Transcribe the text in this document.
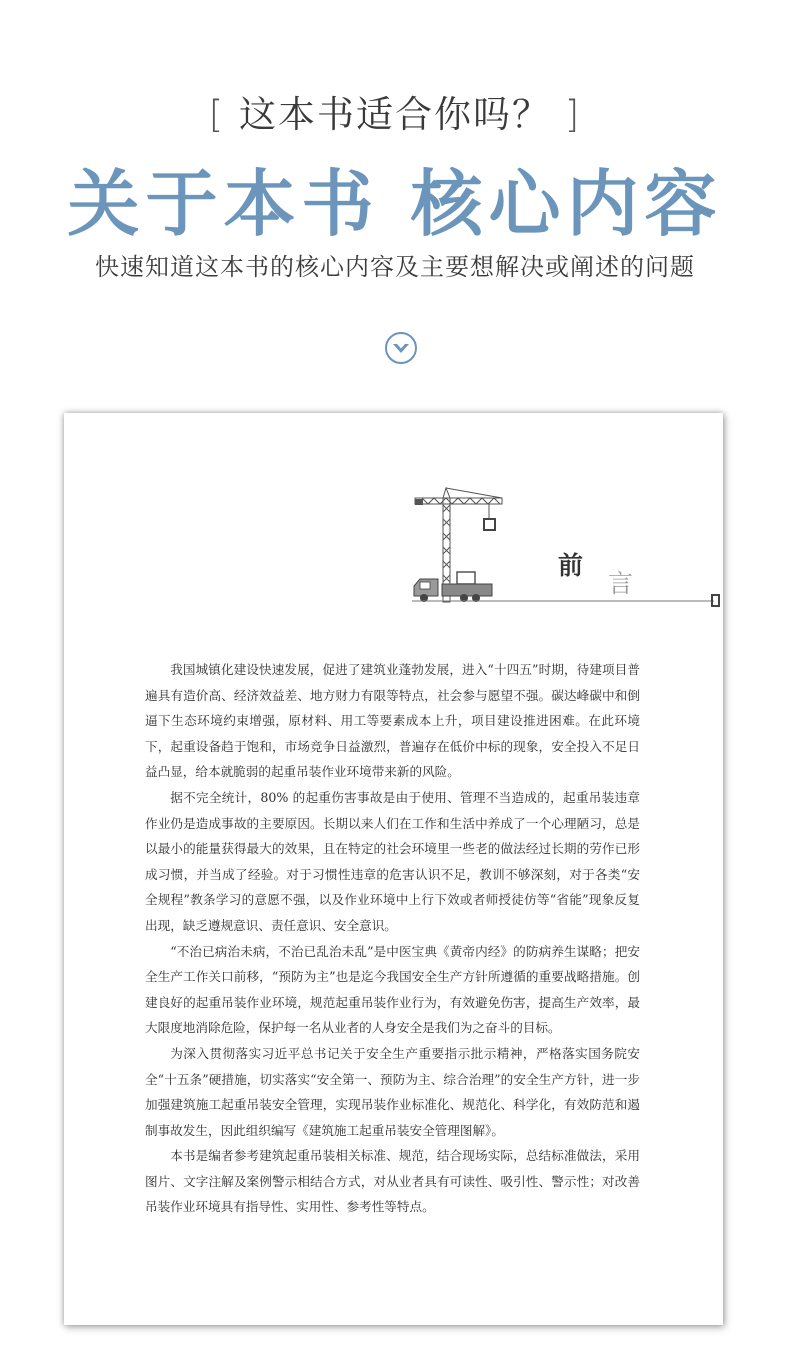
[ 这本书适合你吗？ ]
关于本书 核心内容
快速知道这本书的核心内容及主要想解决或阐述的问题
前
言

我国城镇化建设快速发展，促进了建筑业蓬勃发展，进入“十四五”时期，待建项目普遍具有造价高、经济效益差、地方财力有限等特点，社会参与愿望不强。碳达峰碳中和倒逼下生态环境约束增强，原材料、用工等要素成本上升，项目建设推进困难。在此环境下，起重设备趋于饱和，市场竞争日益激烈，普遍存在低价中标的现象，安全投入不足日益凸显，给本就脆弱的起重吊装作业环境带来新的风险。

据不完全统计，80% 的起重伤害事故是由于使用、管理不当造成的，起重吊装违章作业仍是造成事故的主要原因。长期以来人们在工作和生活中养成了一个心理陋习，总是以最小的能量获得最大的效果，且在特定的社会环境里一些老的做法经过长期的劳作已形成习惯，并当成了经验。对于习惯性违章的危害认识不足，教训不够深刻，对于各类“安全规程”教条学习的意愿不强，以及作业环境中上行下效或者师授徒仿等“省能”现象反复出现，缺乏遵规意识、责任意识、安全意识。

“不治已病治未病，不治已乱治未乱”是中医宝典《黄帝内经》的防病养生谋略；把安全生产工作关口前移，“预防为主”也是迄今我国安全生产方针所遵循的重要战略措施。创建良好的起重吊装作业环境，规范起重吊装作业行为，有效避免伤害，提高生产效率，最大限度地消除危险，保护每一名从业者的人身安全是我们为之奋斗的目标。

为深入贯彻落实习近平总书记关于安全生产重要指示批示精神，严格落实国务院安全“十五条”硬措施，切实落实“安全第一、预防为主、综合治理”的安全生产方针，进一步加强建筑施工起重吊装安全管理，实现吊装作业标准化、规范化、科学化，有效防范和遏制事故发生，因此组织编写《建筑施工起重吊装安全管理图解》。

本书是编者参考建筑起重吊装相关标准、规范，结合现场实际，总结标准做法，采用图片、文字注解及案例警示相结合方式，对从业者具有可读性、吸引性、警示性；对改善吊装作业环境具有指导性、实用性、参考性等特点。
